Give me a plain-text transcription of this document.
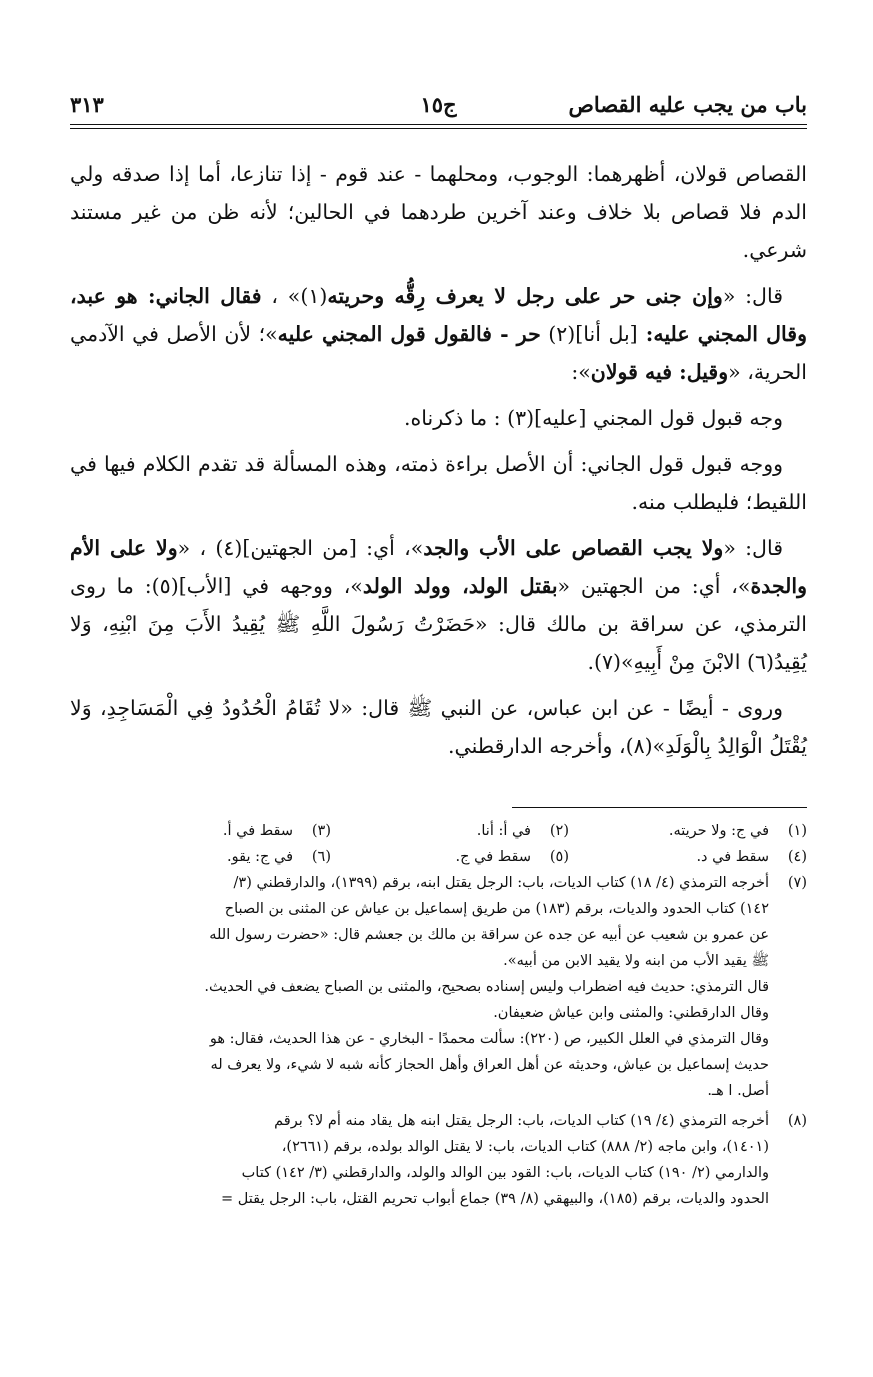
باب من يجب عليه القصاص
ج١٥
٣١٣

القصاص قولان، أظهرهما: الوجوب، ومحلهما - عند قوم - إذا تنازعا، أما إذا صدقه ولي الدم فلا قصاص بلا خلاف وعند آخرين طردهما في الحالين؛ لأنه ظن من غير مستند شرعي.

قال: «وإن جنى حر على رجل لا يعرف رِقُّه وحريته(١)» ، فقال الجاني: هو عبد، وقال المجني عليه: [بل أنا](٢) حر - فالقول قول المجني عليه»؛ لأن الأصل في الآدمي الحرية، «وقيل: فيه قولان»:

وجه قبول قول المجني [عليه](٣) : ما ذكرناه.

ووجه قبول قول الجاني: أن الأصل براءة ذمته، وهذه المسألة قد تقدم الكلام فيها في اللقيط؛ فليطلب منه.

قال: «ولا يجب القصاص على الأب والجد»، أي: [من الجهتين](٤) ، «ولا على الأم والجدة»، أي: من الجهتين «بقتل الولد، وولد الولد»، ووجهه في [الأب](٥): ما روى الترمذي، عن سراقة بن مالك قال: «حَضَرْتُ رَسُولَ اللَّهِ ﷺ يُقِيدُ الأَبَ مِنَ ابْنِهِ، وَلا يُقِيدُ(٦) الابْنَ مِنْ أَبِيهِ»(٧).

وروى - أيضًا - عن ابن عباس، عن النبي ﷺ قال: «لا تُقَامُ الْحُدُودُ فِي الْمَسَاجِدِ، وَلا يُقْتَلُ الْوَالِدُ بِالْوَلَدِ»(٨)، وأخرجه الدارقطني.

(١)
في ج: ولا حريته.
(٢)
في أ: أنا.
(٣)
سقط في أ.
(٤)
سقط في د.
(٥)
سقط في ج.
(٦)
في ج: يقو.
(٧)
أخرجه الترمذي (٤/ ١٨) كتاب الديات، باب: الرجل يقتل ابنه، برقم (١٣٩٩)، والدارقطني (٣/
١٤٢) كتاب الحدود والديات، برقم (١٨٣) من طريق إسماعيل بن عياش عن المثنى بن الصباح
عن عمرو بن شعيب عن أبيه عن جده عن سراقة بن مالك بن جعشم قال: «حضرت رسول الله
ﷺ يقيد الأب من ابنه ولا يقيد الابن من أبيه».
قال الترمذي: حديث فيه اضطراب وليس إسناده بصحيح، والمثنى بن الصباح يضعف في الحديث.
وقال الدارقطني: والمثنى وابن عياش ضعيفان.
وقال الترمذي في العلل الكبير، ص (٢٢٠): سألت محمدًا - البخاري - عن هذا الحديث، فقال: هو
حديث إسماعيل بن عياش، وحديثه عن أهل العراق وأهل الحجاز كأنه شبه لا شيء، ولا يعرف له
أصل. ا هـ.
(٨)
أخرجه الترمذي (٤/ ١٩) كتاب الديات، باب: الرجل يقتل ابنه هل يقاد منه أم لا؟ برقم
(١٤٠١)، وابن ماجه (٢/ ٨٨٨) كتاب الديات، باب: لا يقتل الوالد بولده، برقم (٢٦٦١)،
والدارمي (٢/ ١٩٠) كتاب الديات، باب: القود بين الوالد والولد، والدارقطني (٣/ ١٤٢) كتاب
الحدود والديات، برقم (١٨٥)، والبيهقي (٨/ ٣٩) جماع أبواب تحريم القتل، باب: الرجل يقتل =
